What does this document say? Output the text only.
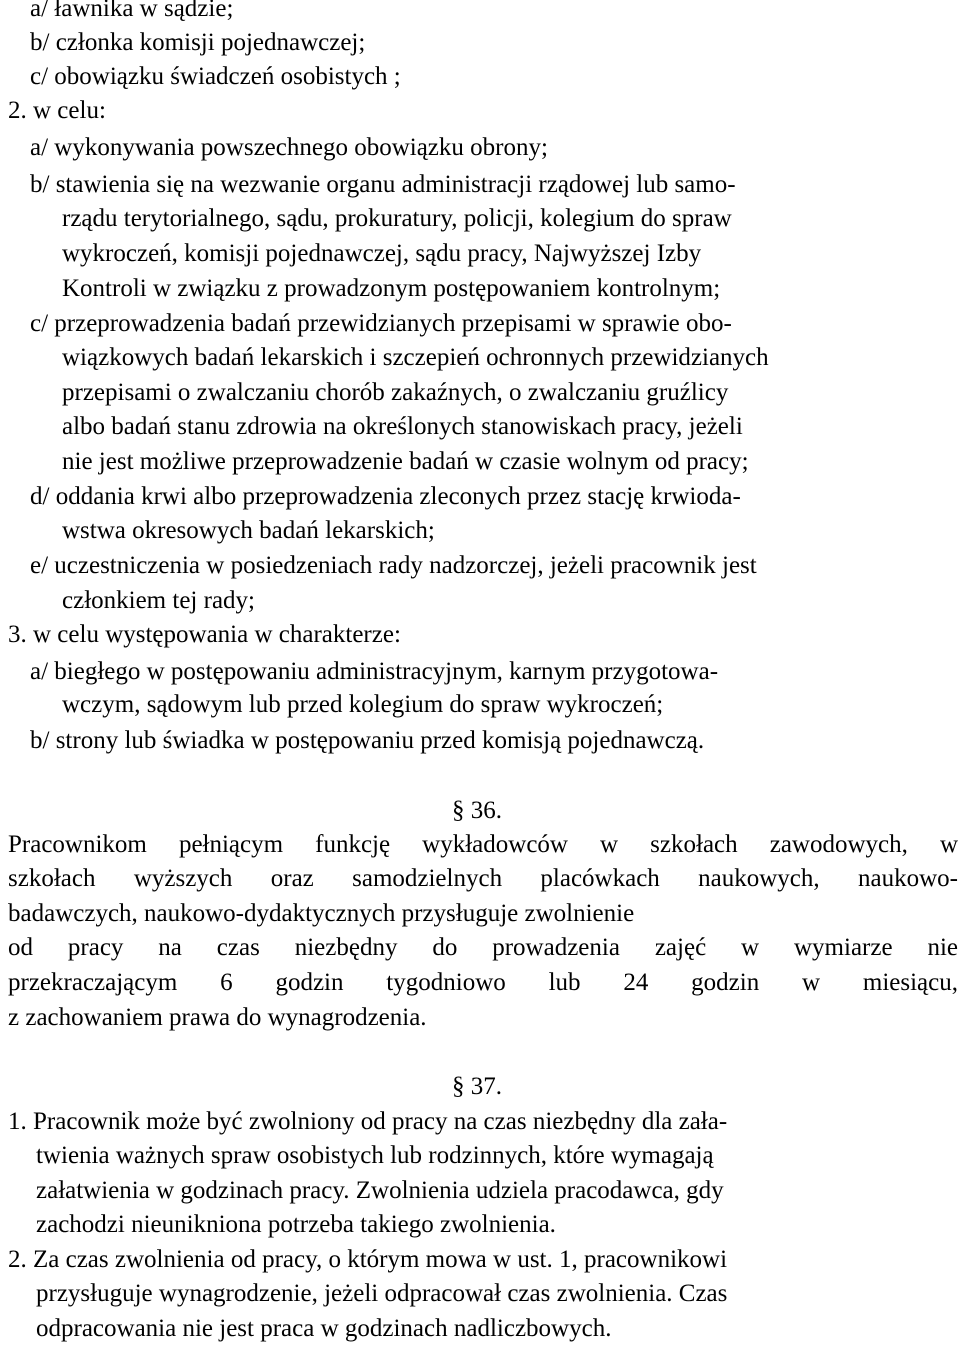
a/ ławnika w sądzie;
b/ członka komisji pojednawczej;
c/ obowiązku świadczeń osobistych ;
2. w celu:
a/ wykonywania powszechnego obowiązku obrony;
b/ stawienia się na wezwanie organu administracji rządowej lub samo-
rządu terytorialnego, sądu, prokuratury, policji, kolegium do spraw
wykroczeń, komisji pojednawczej, sądu pracy, Najwyższej Izby
Kontroli w związku z prowadzonym postępowaniem kontrolnym;
c/ przeprowadzenia badań przewidzianych przepisami w sprawie obo-
wiązkowych badań lekarskich i szczepień ochronnych przewidzianych
przepisami o zwalczaniu chorób zakaźnych, o zwalczaniu gruźlicy
albo badań stanu zdrowia na określonych stanowiskach pracy, jeżeli
nie jest możliwe przeprowadzenie badań w czasie wolnym od pracy;
d/ oddania krwi albo przeprowadzenia zleconych przez stację krwioda-
wstwa okresowych badań lekarskich;
e/ uczestniczenia w posiedzeniach rady nadzorczej, jeżeli pracownik jest
członkiem tej rady;
3. w celu występowania w charakterze:
a/ biegłego w postępowaniu administracyjnym, karnym przygotowa-
wczym, sądowym lub przed kolegium do spraw wykroczeń;
b/ strony lub świadka w postępowaniu przed komisją pojednawczą.
§ 36.
Pracownikom pełniącym funkcję wykładowców w szkołach zawodowych, w
szkołach wyższych oraz samodzielnych placówkach naukowych, naukowo-
badawczych, naukowo-dydaktycznych przysługuje zwolnienie
od pracy na czas niezbędny do prowadzenia zajęć w wymiarze nie
przekraczającym 6 godzin tygodniowo lub 24 godzin w miesiącu,
z zachowaniem prawa do wynagrodzenia.
§ 37.
1. Pracownik może być zwolniony od pracy na czas niezbędny dla zała-
twienia ważnych spraw osobistych lub rodzinnych, które wymagają
załatwienia w godzinach pracy. Zwolnienia udziela pracodawca, gdy
zachodzi nieunikniona potrzeba takiego zwolnienia.
2. Za czas zwolnienia od pracy, o którym mowa w ust. 1, pracownikowi
przysługuje wynagrodzenie, jeżeli odpracował czas zwolnienia. Czas
odpracowania nie jest praca w godzinach nadliczbowych.
